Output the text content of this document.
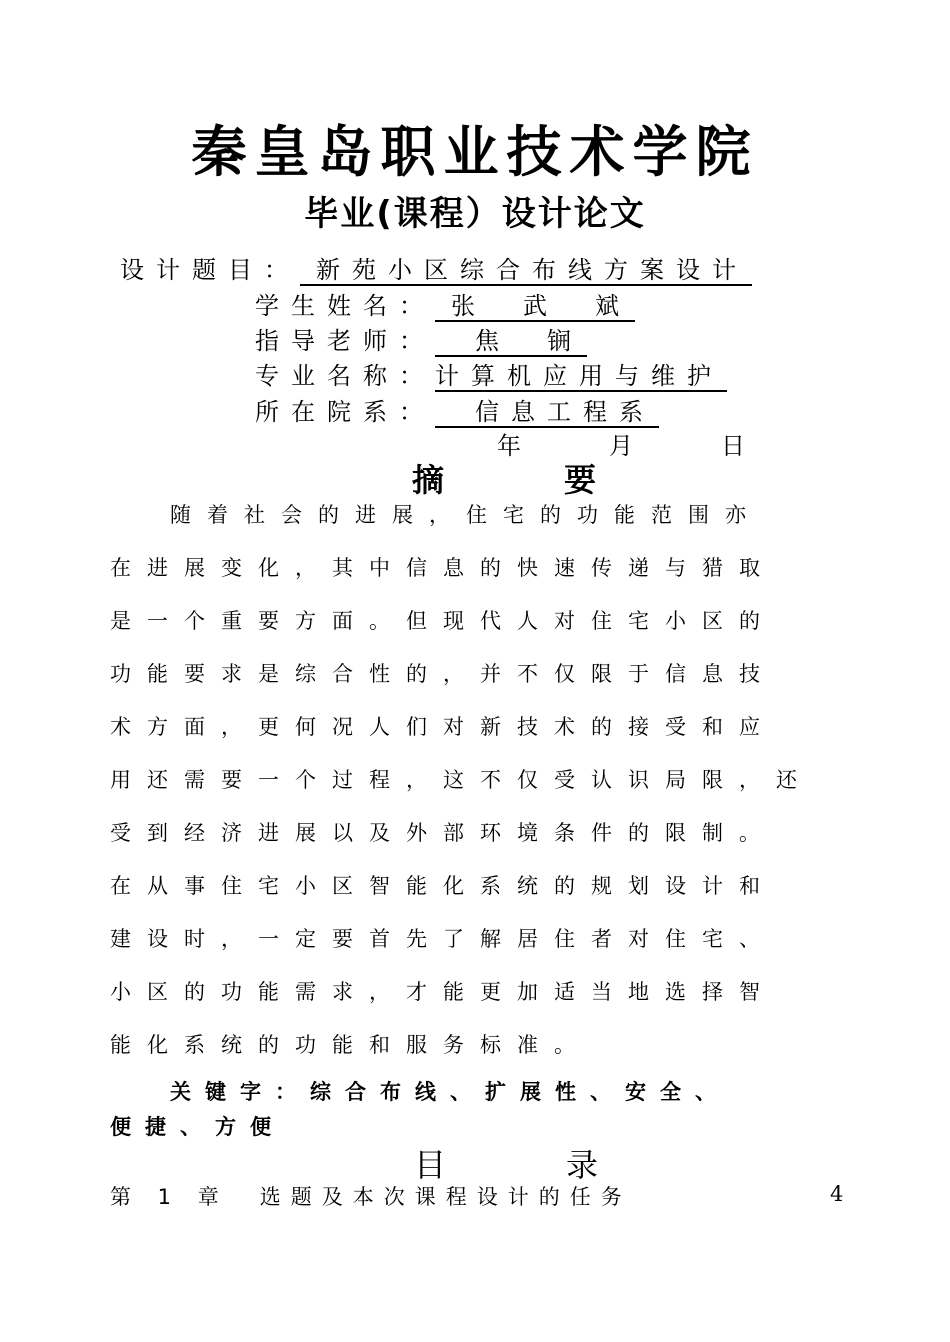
秦皇岛职业技术学院
毕业(课程）设计论文
设计题目： 新苑小区综合布线方案设计
学生姓名： 张　武　斌
指导老师： 焦　锎
专业名称：计算机应用与维护
所在院系： 信息工程系
年　　　月　　　日
摘　要
随着社会的进展，住宅的功能范围亦
在进展变化，其中信息的快速传递与猎取
是一个重要方面。但现代人对住宅小区的
功能要求是综合性的，并不仅限于信息技
术方面，更何况人们对新技术的接受和应
用还需要一个过程，这不仅受认识局限，还
受到经济进展以及外部环境条件的限制。
在从事住宅小区智能化系统的规划设计和
建设时，一定要首先了解居住者对住宅、
小区的功能需求，才能更加适当地选择智
能化系统的功能和服务标准。
关键字：综合布线、扩展性、安全、
便捷、方便
目　录
第 1 章　选题及本次课程设计的任务	4
